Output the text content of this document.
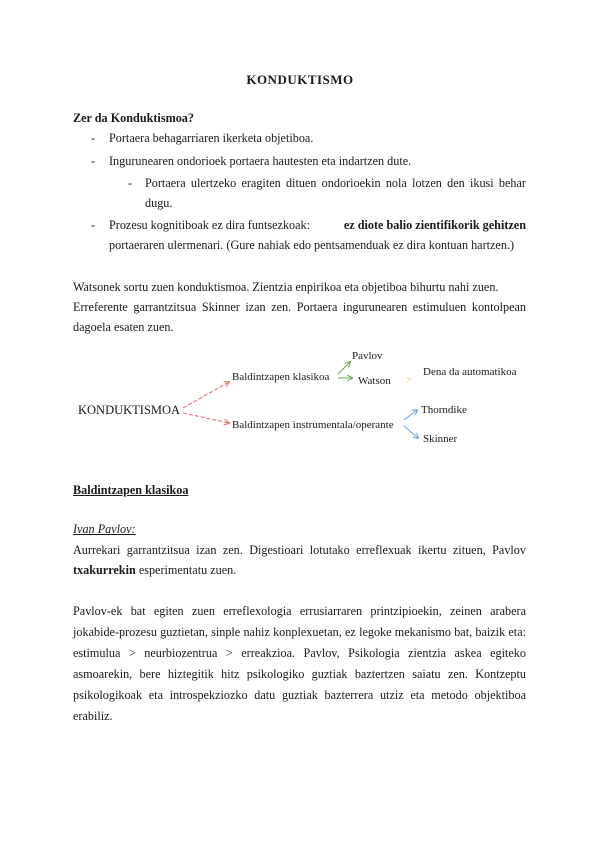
KONDUKTISMO
Zer da Konduktismoa?
- Portaera behagarriaren ikerketa objetiboa.
- Ingurunearen ondorioek portaera hautesten eta indartzen dute.
- Portaera ulertzeko eragiten dituen ondorioekin nola lotzen den ikusi behar
dugu.
- Prozesu kognitiboak ez dira funtsezkoak:	ez diote balio zientifikorik gehitzen
portaeraren ulermenari. (Gure nahiak edo pentsamenduak ez dira kontuan hartzen.)
Watsonek sortu zuen konduktismoa. Zientzia enpirikoa eta objetiboa bihurtu nahi zuen.
Erreferente garrantzitsua Skinner izan zen. Portaera ingurunearen estimuluen kontolpean
dagoela esaten zuen.
KONDUKTISMOA
Baldintzapen klasikoa
Baldintzapen instrumentala/operante
Pavlov
Watson >
Dena da automatikoa
Thorndike
Skinner
Baldintzapen klasikoa
Ivan Pavlov:
Aurrekari garrantzitsua izan zen. Digestioari lotutako erreflexuak ikertu zituen, Pavlov
txakurrekin esperimentatu zuen.
Pavlov-ek bat egiten zuen erreflexologia errusiarraren printzipioekin, zeinen arabera
jokabide-prozesu guztietan, sinple nahiz konplexuetan, ez legoke mekanismo bat, baizik eta:
estimulua > neurbiozentrua > erreakzioa. Pavlov, Psikologia zientzia askea egiteko
asmoarekin, bere hiztegitik hitz psikologiko guztiak baztertzen saiatu zen. Kontzeptu
psikologikoak eta introspekziozko datu guztiak bazterrera utziz eta metodo objektiboa
erabiliz.
